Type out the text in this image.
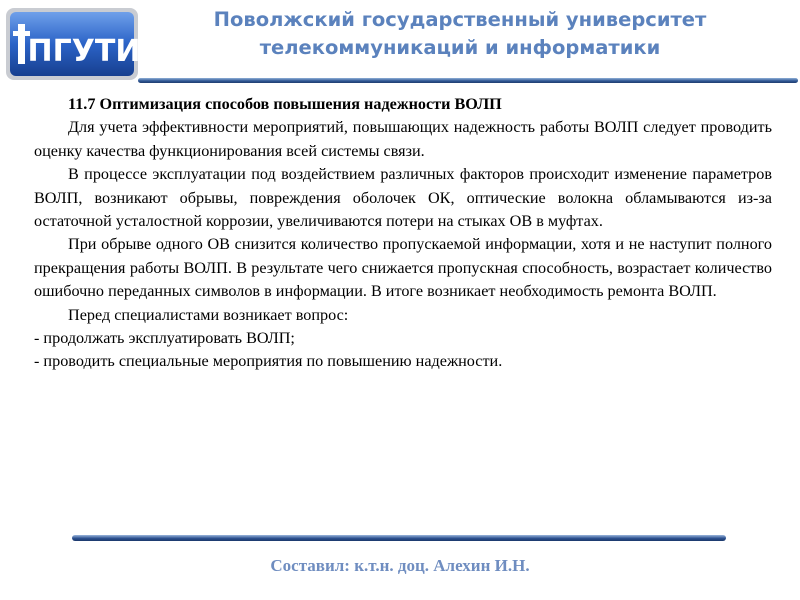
ПГУТИ
Поволжский государственный университет
телекоммуникаций и информатики

11.7 Оптимизация способов повышения надежности ВОЛП

Для учета эффективности мероприятий, повышающих надежность работы ВОЛП следует проводить оценку качества функционирования всей системы связи.

В процессе эксплуатации под воздействием различных факторов происходит изменение параметров ВОЛП, возникают обрывы, повреждения оболочек ОК, оптические волокна обламываются из-за остаточной усталостной коррозии, увеличиваются потери на стыках ОВ в муфтах.

При обрыве одного ОВ снизится количество пропускаемой информации, хотя и не наступит полного прекращения работы ВОЛП. В результате чего снижается пропускная способность, возрастает количество ошибочно переданных символов в информации. В итоге возникает необходимость ремонта ВОЛП.

Перед специалистами возникает вопрос:

- продолжать эксплуатировать ВОЛП;

- проводить специальные мероприятия по повышению надежности.

Составил: к.т.н. доц. Алехин И.Н.
